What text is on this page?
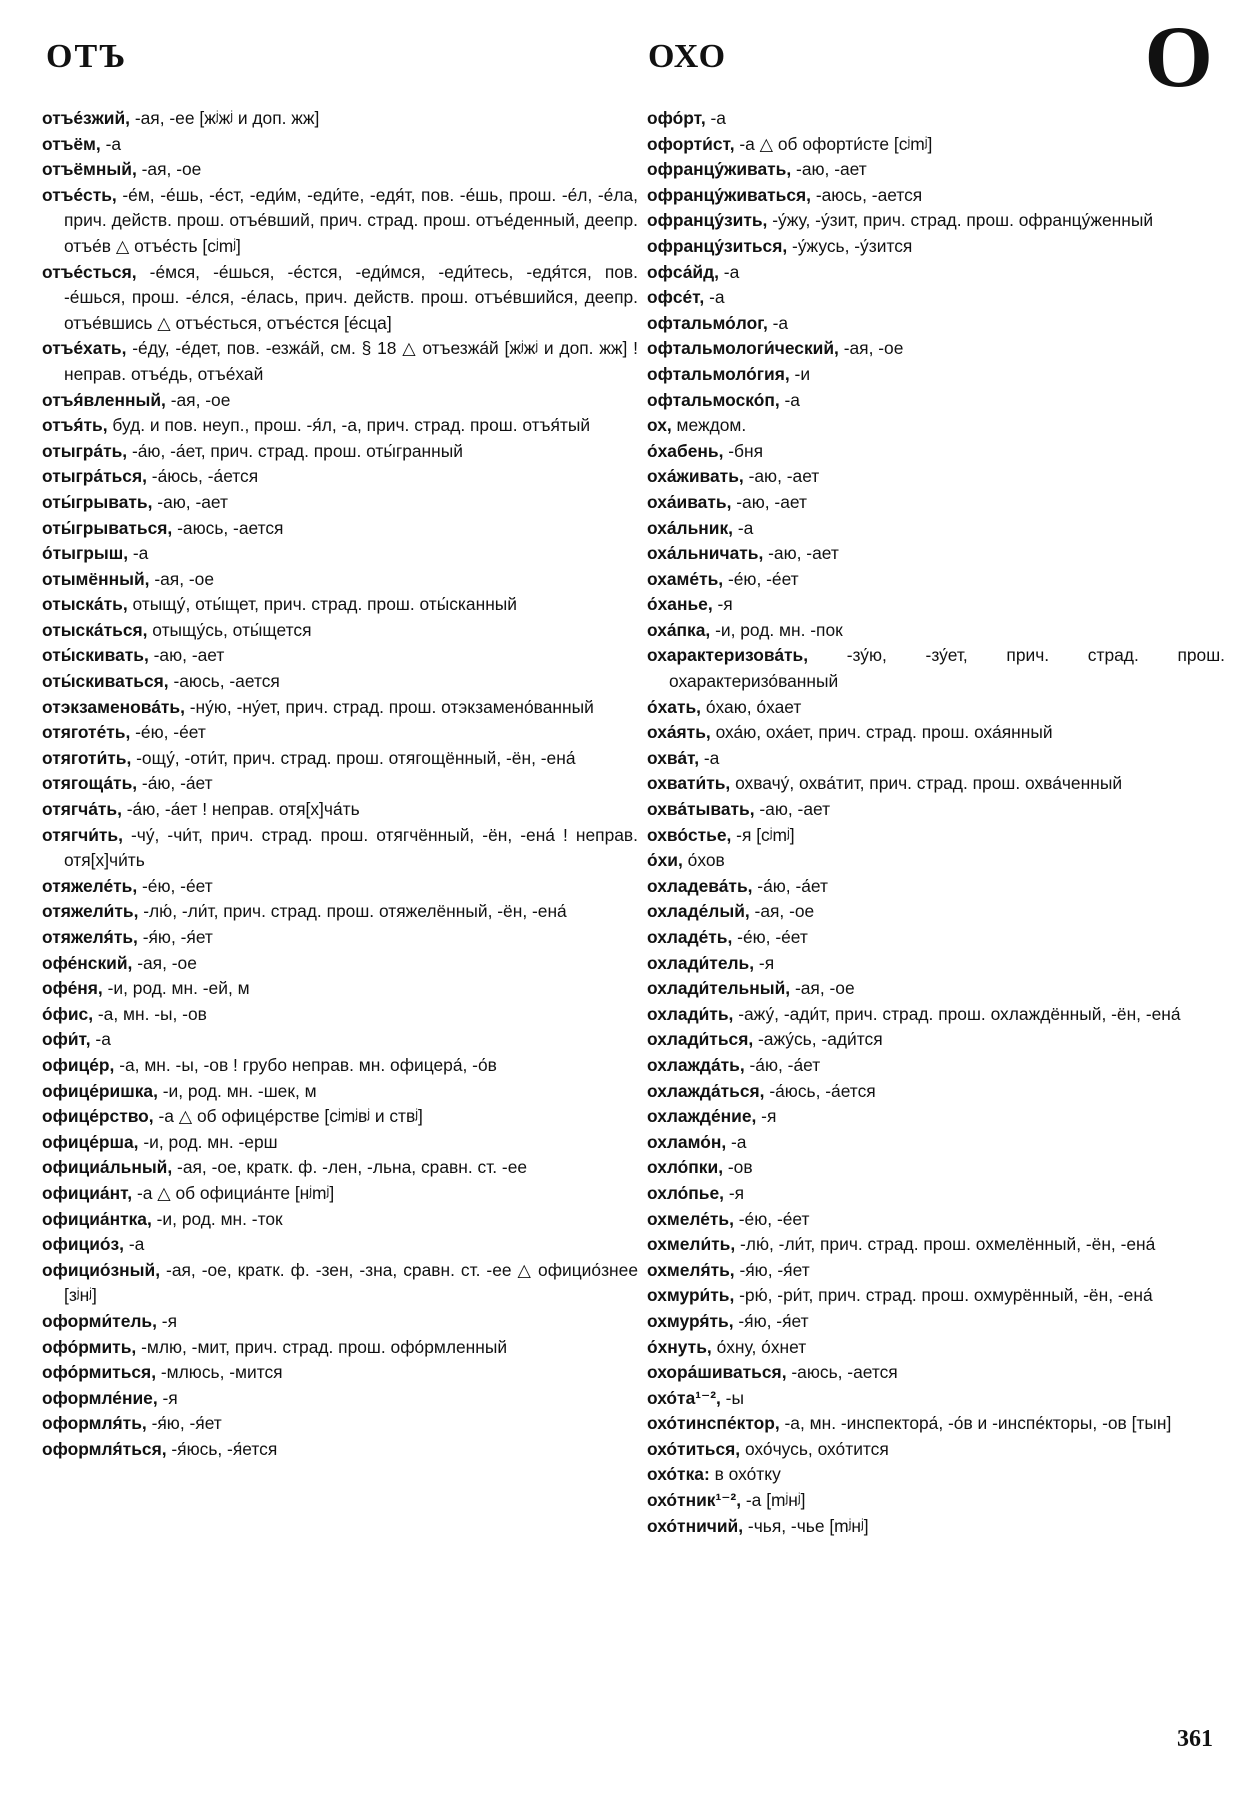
ОТЪ	ОХО	О

отъе́зжий, -ая, -ее [жʲжʲ и доп. жж]

отъём, -а

отъёмный, -ая, -ое

отъе́сть, -е́м, -е́шь, -е́ст, -еди́м, -еди́те, -едя́т, пов. -е́шь, прош. -е́л, -е́ла, прич. действ. прош. отъе́вший, прич. страд. прош. отъе́денный, деепр. отъе́в △ отъе́сть [cʲmʲ]

отъе́сться, -е́мся, -е́шься, -е́стся, -еди́мся, -еди́тесь, -едя́тся, пов. -е́шься, прош. -е́лся, -е́лась, прич. действ. прош. отъе́вшийся, деепр. отъе́вшись △ отъе́сться, отъе́стся [е́сца]

отъе́хать, -е́ду, -е́дет, пов. -езжа́й, см. § 18 △ отъезжа́й [жʲжʲ и доп. жж] ! неправ. отъе́дь, отъе́хай

отъя́вленный, -ая, -ое

отъя́ть, буд. и пов. неуп., прош. -я́л, -а, прич. страд. прош. отъя́тый

отыгра́ть, -а́ю, -а́ет, прич. страд. прош. оты́гранный

отыгра́ться, -а́юсь, -а́ется

оты́грывать, -аю, -ает

оты́грываться, -аюсь, -ается

о́тыгрыш, -а

отымённый, -ая, -ое

отыска́ть, отыщу́, оты́щет, прич. страд. прош. оты́сканный

отыска́ться, отыщу́сь, оты́щется

оты́скивать, -аю, -ает

оты́скиваться, -аюсь, -ается

отэкзаменова́ть, -ну́ю, -ну́ет, прич. страд. прош. отэкзамено́ванный

отяготе́ть, -е́ю, -е́ет

отяготи́ть, -ощу́, -оти́т, прич. страд. прош. отягощённый, -ён, -ена́

отягоща́ть, -а́ю, -а́ет

отягча́ть, -а́ю, -а́ет ! неправ. отя[х]ча́ть

отягчи́ть, -чу́, -чи́т, прич. страд. прош. отягчённый, -ён, -ена́ ! неправ. отя[х]чи́ть

отяжеле́ть, -е́ю, -е́ет

отяжели́ть, -лю́, -ли́т, прич. страд. прош. отяжелённый, -ён, -ена́

отяжеля́ть, -я́ю, -я́ет

офе́нский, -ая, -ое

офе́ня, -и, род. мн. -ей, м

о́фис, -а, мн. -ы, -ов

офи́т, -а

офице́р, -а, мн. -ы, -ов ! грубо неправ. мн. офицера́, -о́в

офице́ришка, -и, род. мн. -шек, м

офице́рство, -а △ об офице́рстве [cʲmʲвʲ и ствʲ]

офице́рша, -и, род. мн. -ерш

официа́льный, -ая, -ое, кратк. ф. -лен, -льна, сравн. ст. -ее

официа́нт, -а △ об официа́нте [нʲmʲ]

официа́нтка, -и, род. мн. -ток

официо́з, -а

официо́зный, -ая, -ое, кратк. ф. -зен, -зна, сравн. ст. -ее △ официо́знее [зʲнʲ]

оформи́тель, -я

офо́рмить, -млю, -мит, прич. страд. прош. офо́рмленный

офо́рмиться, -млюсь, -мится

оформле́ние, -я

оформля́ть, -я́ю, -я́ет

оформля́ться, -я́юсь, -я́ется

офо́рт, -а

офорти́ст, -а △ об офорти́сте [cʲmʲ]

офранцу́живать, -аю, -ает

офранцу́живаться, -аюсь, -ается

офранцу́зить, -у́жу, -у́зит, прич. страд. прош. офранцу́женный

офранцу́зиться, -у́жусь, -у́зится

офса́йд, -а

офсе́т, -а

офтальмо́лог, -а

офтальмологи́ческий, -ая, -ое

офтальмоло́гия, -и

офтальмоско́п, -а

ох, междом.

о́хабень, -бня

оха́живать, -аю, -ает

оха́ивать, -аю, -ает

оха́льник, -а

оха́льничать, -аю, -ает

охаме́ть, -е́ю, -е́ет

о́ханье, -я

оха́пка, -и, род. мн. -пок

охарактеризова́ть, -зу́ю, -зу́ет, прич. страд. прош. охарактеризо́ванный

о́хать, о́хаю, о́хает

оха́ять, оха́ю, оха́ет, прич. страд. прош. оха́янный

охва́т, -а

охвати́ть, охвачу́, охва́тит, прич. страд. прош. охва́ченный

охва́тывать, -аю, -ает

охво́стье, -я [cʲmʲ]

о́хи, о́хов

охладева́ть, -а́ю, -а́ет

охладе́лый, -ая, -ое

охладе́ть, -е́ю, -е́ет

охлади́тель, -я

охлади́тельный, -ая, -ое

охлади́ть, -ажу́, -ади́т, прич. страд. прош. охлаждённый, -ён, -ена́

охлади́ться, -ажу́сь, -ади́тся

охлажда́ть, -а́ю, -а́ет

охлажда́ться, -а́юсь, -а́ется

охлажде́ние, -я

охламо́н, -а

охло́пки, -ов

охло́пье, -я

охмеле́ть, -е́ю, -е́ет

охмели́ть, -лю́, -ли́т, прич. страд. прош. охмелённый, -ён, -ена́

охмеля́ть, -я́ю, -я́ет

охмури́ть, -рю́, -ри́т, прич. страд. прош. охмурённый, -ён, -ена́

охмуря́ть, -я́ю, -я́ет

о́хнуть, о́хну, о́хнет

охора́шиваться, -аюсь, -ается

охо́та¹⁻², -ы

охо́тинспе́ктор, -а, мн. -инспектора́, -о́в и -инспе́кторы, -ов [тын]

охо́титься, охо́чусь, охо́тится

охо́тка: в охо́тку

охо́тник¹⁻², -а [mʲнʲ]

охо́тничий, -чья, -чье [mʲнʲ]

361
